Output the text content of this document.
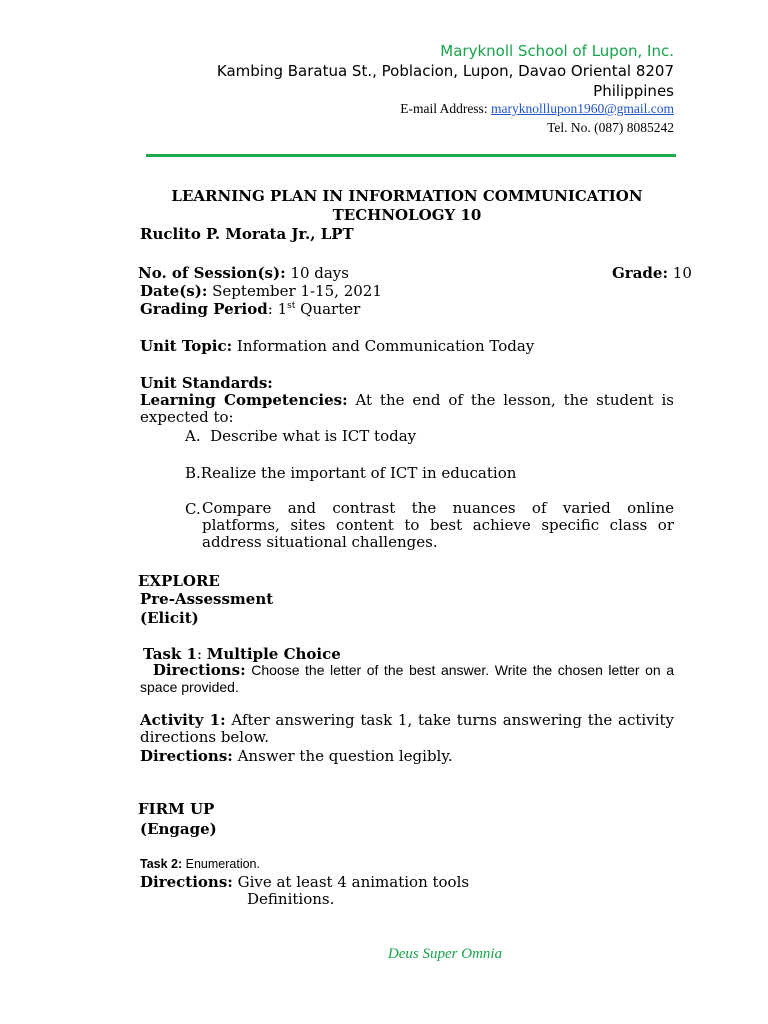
Maryknoll School of Lupon, Inc.
Kambing Baratua St., Poblacion, Lupon, Davao Oriental 8207
Philippines
E-mail Address: maryknolllupon1960@gmail.com
Tel. No. (087) 8085242
LEARNING PLAN IN INFORMATION COMMUNICATION
TECHNOLOGY 10
Ruclito P. Morata Jr., LPT
No. of Session(s): 10 days	Grade: 10
Date(s): September 1-15, 2021
Grading Period: 1st Quarter
Unit Topic: Information and Communication Today
Unit Standards:
Learning Competencies: At the end of the lesson, the student is expected to:
A. Describe what is ICT today
B.Realize the important of ICT in education
C. Compare and contrast the nuances of varied online platforms, sites content to best achieve specific class or address situational challenges.
EXPLORE
Pre-Assessment
(Elicit)
Task 1: Multiple Choice
Directions: Choose the letter of the best answer. Write the chosen letter on a space provided.
Activity 1: After answering task 1, take turns answering the activity directions below.
Directions: Answer the question legibly.
FIRM UP
(Engage)
Task 2: Enumeration.
Directions: Give at least 4 animation tools
Definitions.
Deus Super Omnia
